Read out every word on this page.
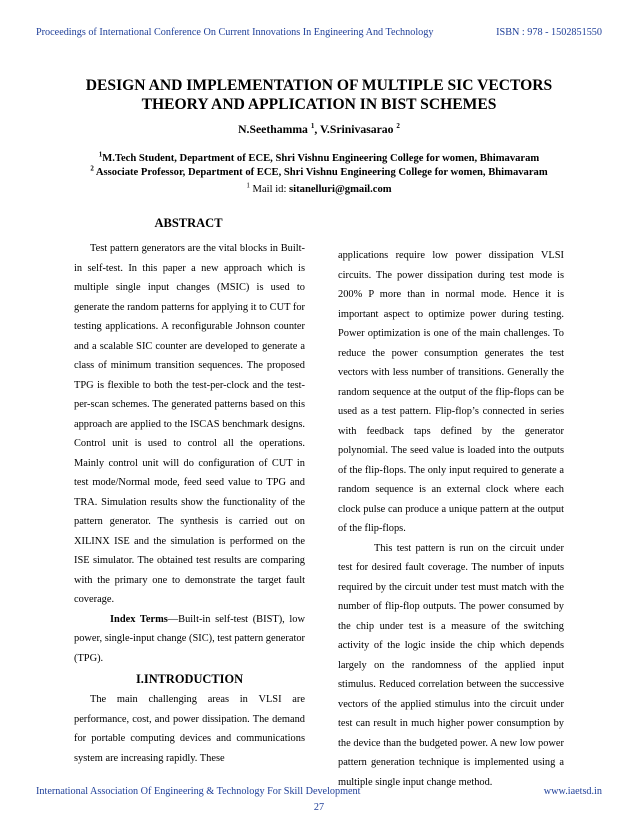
Proceedings of International Conference On Current Innovations In Engineering And Technology	ISBN : 978 - 1502851550
DESIGN AND IMPLEMENTATION OF MULTIPLE SIC VECTORS
THEORY AND APPLICATION IN BIST SCHEMES
N.Seethamma $^1$, V.Srinivasarao $^2$
$^1$M.Tech Student, Department of ECE, Shri Vishnu Engineering College for women, Bhimavaram
$^2$ Associate Professor, Department of ECE, Shri Vishnu Engineering College for women, Bhimavaram
$^1$ Mail id: sitanelluri@gmail.com
ABSTRACT

Test pattern generators are the vital blocks in Built-in self-test. In this paper a new approach which is multiple single input changes (MSIC) is used to generate the random patterns for applying it to CUT for testing applications. A reconfigurable Johnson counter and a scalable SIC counter are developed to generate a class of minimum transition sequences. The proposed TPG is flexible to both the test-per-clock and the test-per-scan schemes. The generated patterns based on this approach are applied to the ISCAS benchmark designs. Control unit is used to control all the operations. Mainly control unit will do configuration of CUT in test mode/Normal mode, feed seed value to TPG and TRA. Simulation results show the functionality of the pattern generator. The synthesis is carried out on XILINX ISE and the simulation is performed on the ISE simulator. The obtained test results are comparing with the primary one to demonstrate the target fault coverage.

Index Terms—Built-in self-test (BIST), low power, single-input change (SIC), test pattern generator (TPG).

I.INTRODUCTION

The main challenging areas in VLSI are performance, cost, and power dissipation. The demand for portable computing devices and communications system are increasing rapidly. These

applications require low power dissipation VLSI circuits. The power dissipation during test mode is 200% P more than in normal mode. Hence it is important aspect to optimize power during testing. Power optimization is one of the main challenges. To reduce the power consumption generates the test vectors with less number of transitions. Generally the random sequence at the output of the flip-flops can be used as a test pattern. Flip-flop’s connected in series with feedback taps defined by the generator polynomial. The seed value is loaded into the outputs of the flip-flops. The only input required to generate a random sequence is an external clock where each clock pulse can produce a unique pattern at the output of the flip-flops.

This test pattern is run on the circuit under test for desired fault coverage. The number of inputs required by the circuit under test must match with the number of flip-flop outputs. The power consumed by the chip under test is a measure of the switching activity of the logic inside the chip which depends largely on the randomness of the applied input stimulus. Reduced correlation between the successive vectors of the applied stimulus into the circuit under test can result in much higher power consumption by the device than the budgeted power. A new low power pattern generation technique is implemented using a multiple single input change method.

International Association Of Engineering & Technology For Skill Development	www.iaetsd.in
27
